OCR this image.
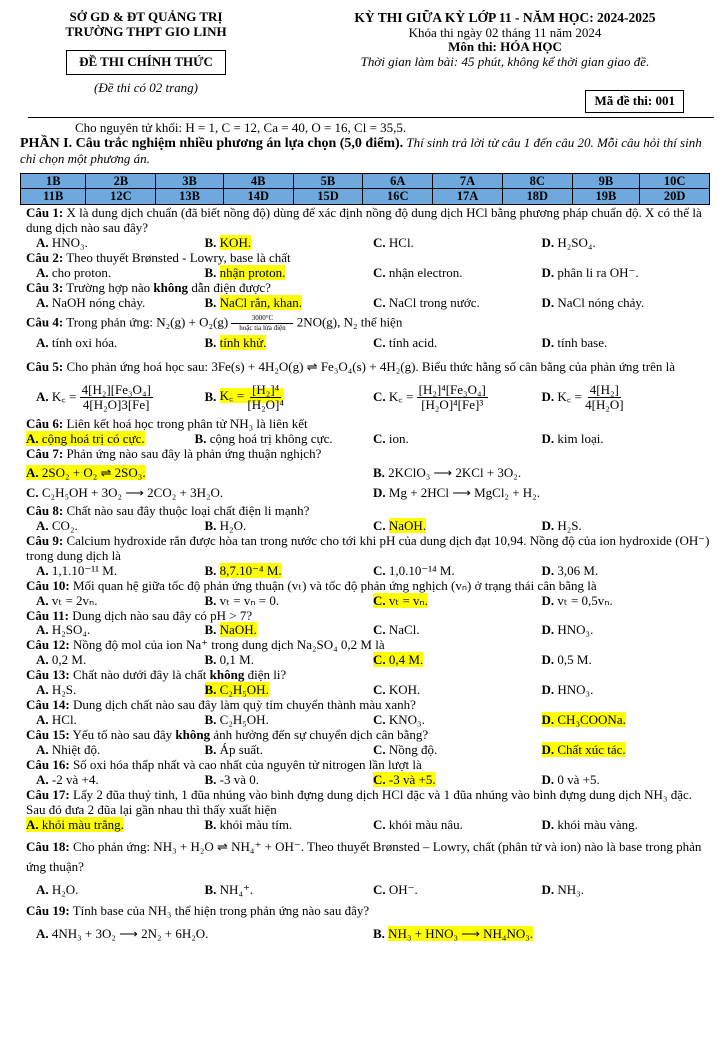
SỞ GD & ĐT QUẢNG TRỊ
TRƯỜNG THPT GIO LINH
ĐỀ THI CHÍNH THỨC
(Đề thi có 02 trang)
KỲ THI GIỮA KỲ LỚP 11 - NĂM HỌC: 2024-2025
Khóa thi ngày 02 tháng 11 năm 2024
Môn thi: HÓA HỌC
Thời gian làm bài: 45 phút, không kể thời gian giao đề.
Mã đề thi: 001
Cho nguyên tử khối: H = 1, C = 12, Ca = 40, O = 16, Cl = 35,5.
PHẦN I. Câu trắc nghiệm nhiều phương án lựa chọn (5,0 điểm). Thí sinh trả lời từ câu 1 đến câu 20. Mỗi câu hỏi thí sinh chỉ chọn một phương án.
1B	2B	3B	4B	5B	6A	7A	8C	9B	10C
11B	12C	13B	14D	15D	16C	17A	18D	19B	20D
Câu 1: X là dung dịch chuẩn (đã biết nồng độ) dùng để xác định nồng độ dung dịch HCl bằng phương pháp chuẩn độ. X có thể là dung dịch nào sau đây?
A. HNO₃.	B. KOH.	C. HCl.	D. H₂SO₄.
Câu 2: Theo thuyết Brønsted - Lowry, base là chất
A. cho proton.	B. nhận proton.	C. nhận electron.	D. phân li ra OH⁻.
Câu 3: Trường hợp nào không dẫn điện được?
A. NaOH nóng chảy.	B. NaCl rắn, khan.	C. NaCl trong nước.	D. NaCl nóng chảy.
Câu 4: Trong phản ứng: N₂(g) + O₂(g)	3000°C
hoặc tia lửa điện 2NO(g), N₂ thể hiện
A. tính oxi hóa.	B. tính khử.	C. tính acid.	D. tính base.
Câu 5: Cho phản ứng hoá học sau: 3Fe(s) + 4H₂O(g) ⇌ Fe₃O₄(s) + 4H₂(g). Biểu thức hằng số cân bằng của phản ứng trên là
A. K꜀ = $\frac{\text{4[H₂][Fe₃O₄]}}{\text{4[H₂O]3[Fe]}}$	B. K꜀ = $\frac{\text{[H₂]⁴}}{\text{[H₂O]⁴}}$	C. K꜀ = $\frac{\text{[H₂]⁴[Fe₃O₄]}}{\text{[H₂O]⁴[Fe]³}}$	D. K꜀ = $\frac{\text{4[H₂]}}{\text{4[H₂O]}}$
Câu 6: Liên kết hoá học trong phân tử NH₃ là liên kết
A. cộng hoá trị có cực.	B. cộng hoá trị không cực.	C. ion.	D. kim loại.
Câu 7: Phản ứng nào sau đây là phản ứng thuận nghịch?
A. 2SO₂ + O₂ ⇌ 2SO₃.	B. 2KClO₃ ⟶ 2KCl + 3O₂.
C. C₂H₅OH + 3O₂ ⟶ 2CO₂ + 3H₂O.	D. Mg + 2HCl ⟶ MgCl₂ + H₂.
Câu 8: Chất nào sau đây thuộc loại chất điện li mạnh?
A. CO₂.	B. H₂O.	C. NaOH.	D. H₂S.
Câu 9: Calcium hydroxide rắn được hòa tan trong nước cho tới khi pH của dung dịch đạt 10,94. Nồng độ của ion hydroxide (OH⁻) trong dung dịch là
A. 1,1.10⁻¹¹ M.	B. 8,7.10⁻⁴ M.	C. 1,0.10⁻¹⁴ M.	D. 3,06 M.
Câu 10: Mối quan hệ giữa tốc độ phản ứng thuận (vₜ) và tốc độ phản ứng nghịch (vₙ) ở trạng thái cân bằng là
A. vₜ = 2vₙ.	B. vₜ = vₙ = 0.	C. vₜ = vₙ.	D. vₜ = 0,5vₙ.
Câu 11: Dung dịch nào sau đây có pH > 7?
A. H₂SO₄.	B. NaOH.	C. NaCl.	D. HNO₃.
Câu 12: Nồng độ mol của ion Na⁺ trong dung dịch Na₂SO₄ 0,2 M là
A. 0,2 M.	B. 0,1 M.	C. 0,4 M.	D. 0,5 M.
Câu 13: Chất nào dưới đây là chất không điện li?
A. H₂S.	B. C₂H₅OH.	C. KOH.	D. HNO₃.
Câu 14: Dung dịch chất nào sau đây làm quỳ tím chuyển thành màu xanh?
A. HCl.	B. C₂H₅OH.	C. KNO₃.	D. CH₃COONa.
Câu 15: Yếu tố nào sau đây không ảnh hưởng đến sự chuyển dịch cân bằng?
A. Nhiệt độ.	B. Áp suất.	C. Nồng độ.	D. Chất xúc tác.
Câu 16: Số oxi hóa thấp nhất và cao nhất của nguyên tử nitrogen lần lượt là
A. -2 và +4.	B. -3 và 0.	C. -3 và +5.	D. 0 và +5.
Câu 17: Lấy 2 đũa thuỷ tinh, 1 đũa nhúng vào bình đựng dung dịch HCl đặc và 1 đũa nhúng vào bình đựng dung dịch NH₃ đặc. Sau đó đưa 2 đũa lại gần nhau thì thấy xuất hiện
A. khói màu trắng.	B. khói màu tím.	C. khói màu nâu.	D. khói màu vàng.
Câu 18: Cho phản ứng: NH₃ + H₂O ⇌ NH₄⁺ + OH⁻. Theo thuyết Brønsted – Lowry, chất (phân tử và ion) nào là base trong phản ứng thuận?
A. H₂O.	B. NH₄⁺.	C. OH⁻.	D. NH₃.
Câu 19: Tính base của NH₃ thể hiện trong phản ứng nào sau đây?
A. 4NH₃ + 3O₂ ⟶ 2N₂ + 6H₂O.	B. NH₃ + HNO₃ ⟶ NH₄NO₃.
